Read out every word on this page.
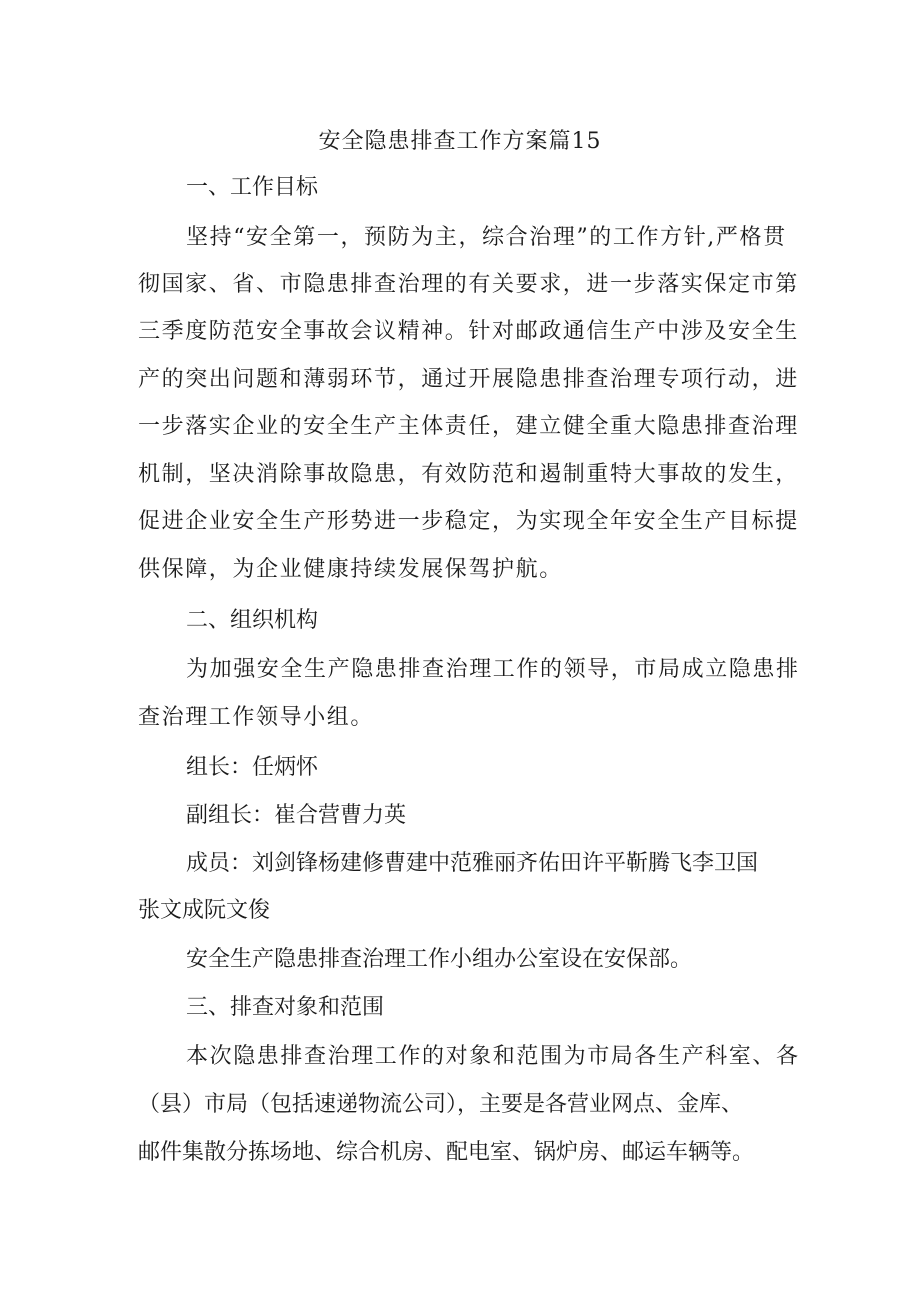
安全隐患排查工作方案篇15
一、工作目标
坚持“安全第一，预防为主，综合治理”的工作方针,严格贯
彻国家、省、市隐患排查治理的有关要求，进一步落实保定市第
三季度防范安全事故会议精神。针对邮政通信生产中涉及安全生
产的突出问题和薄弱环节，通过开展隐患排查治理专项行动，进
一步落实企业的安全生产主体责任，建立健全重大隐患排查治理
机制，坚决消除事故隐患，有效防范和遏制重特大事故的发生，
促进企业安全生产形势进一步稳定，为实现全年安全生产目标提
供保障，为企业健康持续发展保驾护航。
二、组织机构
为加强安全生产隐患排查治理工作的领导，市局成立隐患排
查治理工作领导小组。
组长：任炳怀
副组长：崔合营曹力英
成员：刘剑锋杨建修曹建中范雅丽齐佑田许平靳腾飞李卫国
张文成阮文俊
安全生产隐患排查治理工作小组办公室设在安保部。
三、排查对象和范围
本次隐患排查治理工作的对象和范围为市局各生产科室、各
（县）市局（包括速递物流公司），主要是各营业网点、金库、
邮件集散分拣场地、综合机房、配电室、锅炉房、邮运车辆等。
